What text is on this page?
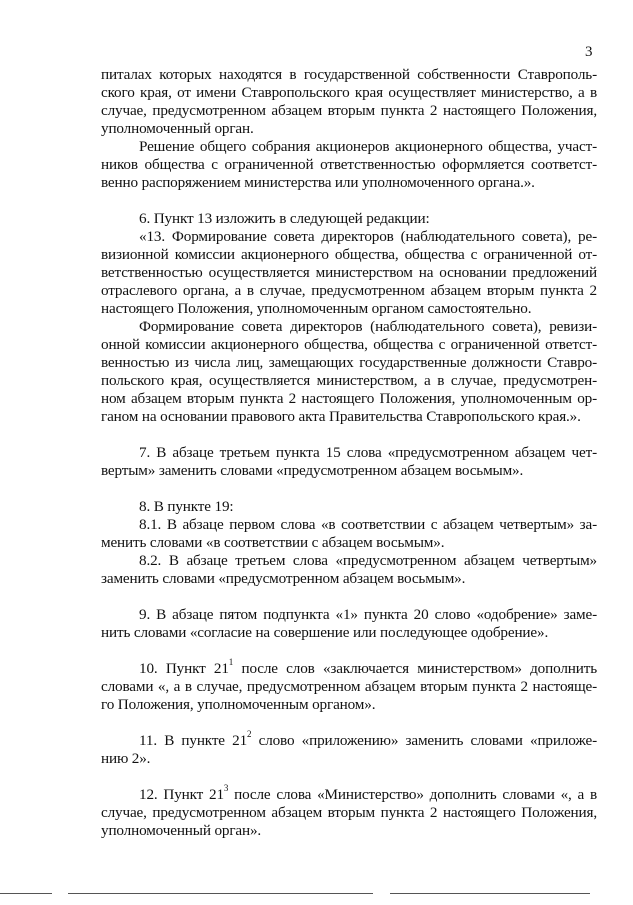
3
питалах которых находятся в государственной собственности Ставрополь-
ского края, от имени Ставропольского края осуществляет министерство, а в
случае, предусмотренном абзацем вторым пункта 2 настоящего Положения,
уполномоченный орган.
Решение общего собрания акционеров акционерного общества, участ-
ников общества с ограниченной ответственностью оформляется соответст-
венно распоряжением министерства или уполномоченного органа.».
6. Пункт 13 изложить в следующей редакции:
«13. Формирование совета директоров (наблюдательного совета), ре-
визионной комиссии акционерного общества, общества с ограниченной от-
ветственностью осуществляется министерством на основании предложений
отраслевого органа, а в случае, предусмотренном абзацем вторым пункта 2
настоящего Положения, уполномоченным органом самостоятельно.
Формирование совета директоров (наблюдательного совета), ревизи-
онной комиссии акционерного общества, общества с ограниченной ответст-
венностью из числа лиц, замещающих государственные должности Ставро-
польского края, осуществляется министерством, а в случае, предусмотрен-
ном абзацем вторым пункта 2 настоящего Положения, уполномоченным ор-
ганом на основании правового акта Правительства Ставропольского края.».
7. В абзаце третьем пункта 15 слова «предусмотренном абзацем чет-
вертым» заменить словами «предусмотренном абзацем восьмым».
8. В пункте 19:
8.1. В абзаце первом слова «в соответствии с абзацем четвертым» за-
менить словами «в соответствии с абзацем восьмым».
8.2. В абзаце третьем слова «предусмотренном абзацем четвертым»
заменить словами «предусмотренном абзацем восьмым».
9. В абзаце пятом подпункта «1» пункта 20 слово «одобрение» заме-
нить словами «согласие на совершение или последующее одобрение».
10. Пункт $21^1$ после слов «заключается министерством» дополнить
словами «, а в случае, предусмотренном абзацем вторым пункта 2 настояще-
го Положения, уполномоченным органом».
11. В пункте $21^2$ слово «приложению» заменить словами «приложе-
нию 2».
12. Пункт $21^3$ после слова «Министерство» дополнить словами «, а в
случае, предусмотренном абзацем вторым пункта 2 настоящего Положения,
уполномоченный орган».
